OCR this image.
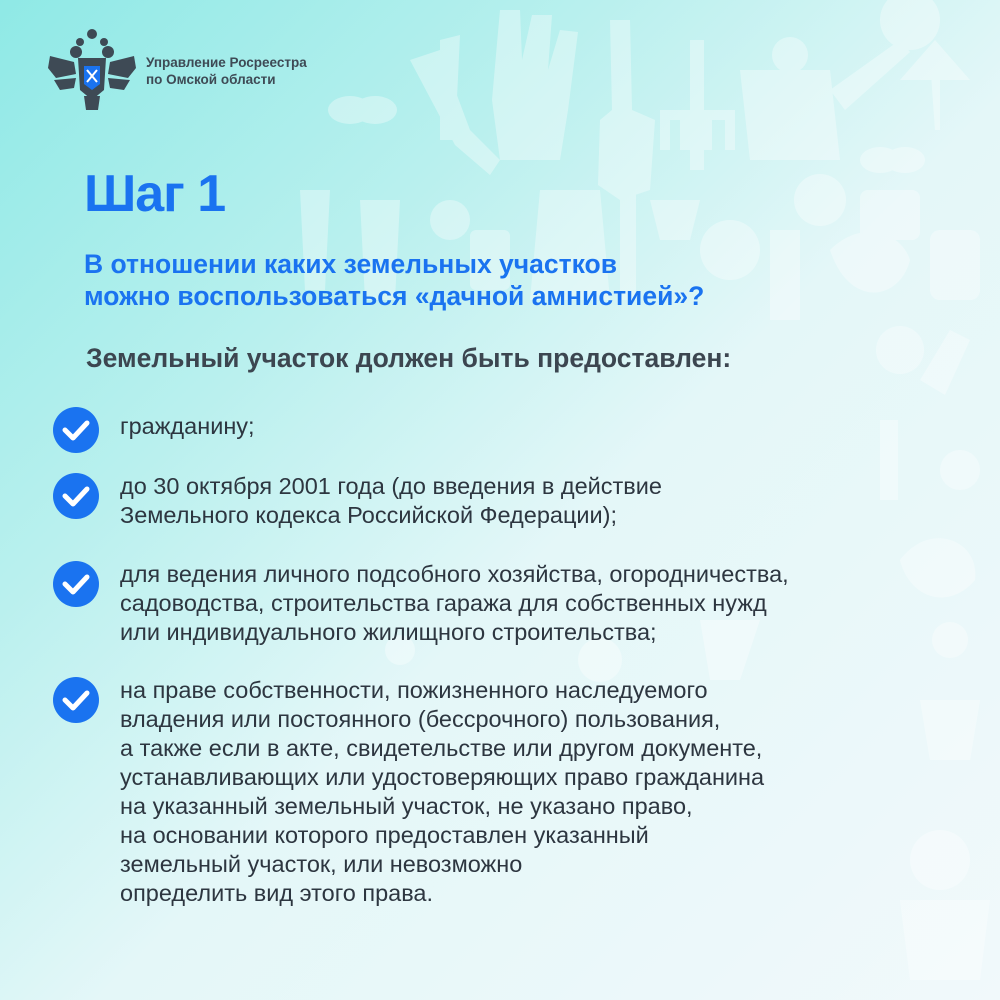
Управление Росреестра
по Омской области
Шаг 1
В отношении каких земельных участков
можно воспользоваться «дачной амнистией»?
Земельный участок должен быть предоставлен:
гражданину;
до 30 октября 2001 года (до введения в действие
Земельного кодекса Российской Федерации);
для ведения личного подсобного хозяйства, огородничества,
садоводства, строительства гаража для собственных нужд
или индивидуального жилищного строительства;
на праве собственности, пожизненного наследуемого
владения или постоянного (бессрочного) пользования,
а также если в акте, свидетельстве или другом документе,
устанавливающих или удостоверяющих право гражданина
на указанный земельный участок, не указано право,
на основании которого предоставлен указанный
земельный участок, или невозможно
определить вид этого права.
